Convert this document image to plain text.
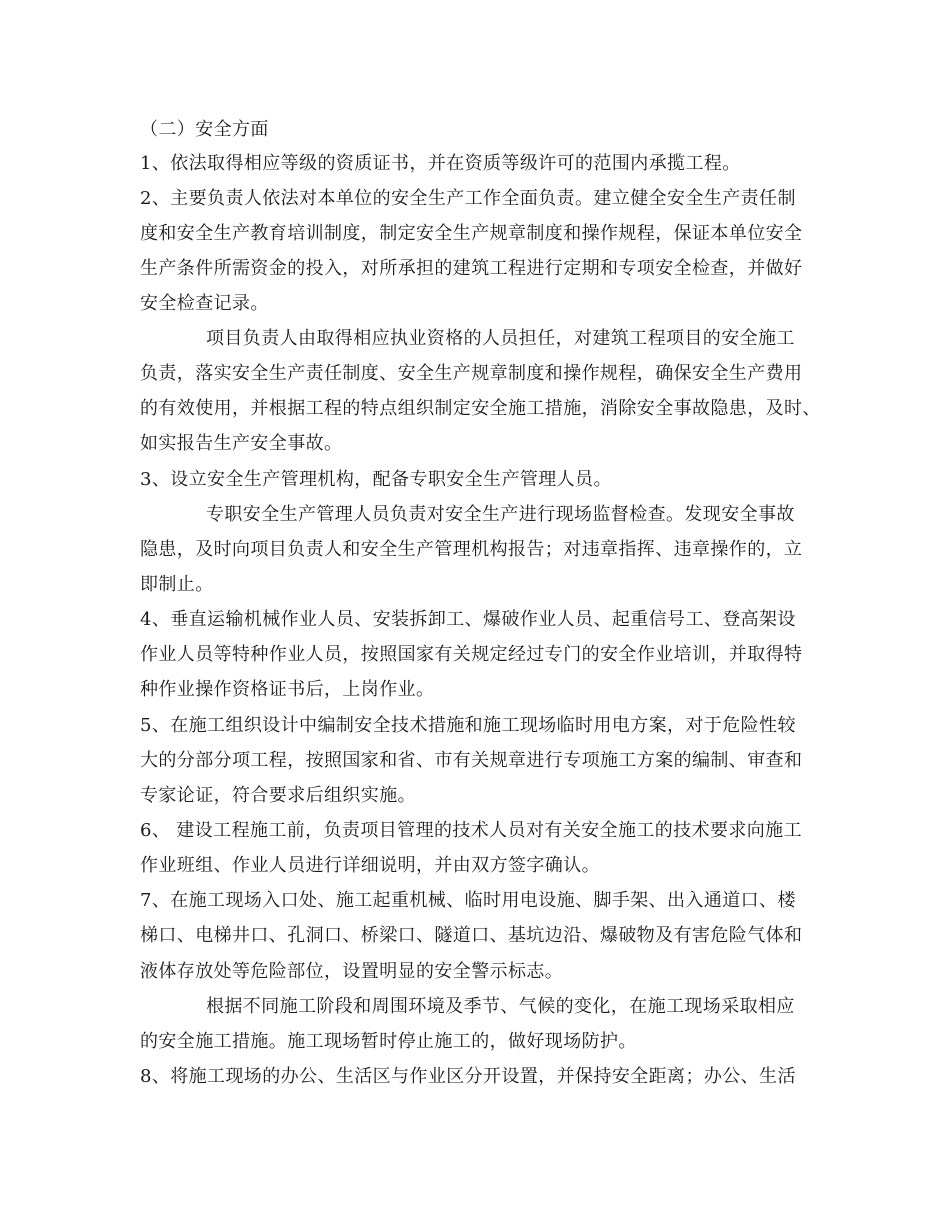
（二）安全方面
1、依法取得相应等级的资质证书，并在资质等级许可的范围内承揽工程。
2、主要负责人依法对本单位的安全生产工作全面负责。建立健全安全生产责任制
度和安全生产教育培训制度，制定安全生产规章制度和操作规程，保证本单位安全
生产条件所需资金的投入，对所承担的建筑工程进行定期和专项安全检查，并做好
安全检查记录。
项目负责人由取得相应执业资格的人员担任，对建筑工程项目的安全施工
负责，落实安全生产责任制度、安全生产规章制度和操作规程，确保安全生产费用
的有效使用，并根据工程的特点组织制定安全施工措施，消除安全事故隐患，及时、
如实报告生产安全事故。
3、设立安全生产管理机构，配备专职安全生产管理人员。
专职安全生产管理人员负责对安全生产进行现场监督检查。发现安全事故
隐患，及时向项目负责人和安全生产管理机构报告；对违章指挥、违章操作的，立
即制止。
4、垂直运输机械作业人员、安装拆卸工、爆破作业人员、起重信号工、登高架设
作业人员等特种作业人员，按照国家有关规定经过专门的安全作业培训，并取得特
种作业操作资格证书后，上岗作业。
5、在施工组织设计中编制安全技术措施和施工现场临时用电方案，对于危险性较
大的分部分项工程，按照国家和省、市有关规章进行专项施工方案的编制、审查和
专家论证，符合要求后组织实施。
6、 建设工程施工前，负责项目管理的技术人员对有关安全施工的技术要求向施工
作业班组、作业人员进行详细说明，并由双方签字确认。
7、在施工现场入口处、施工起重机械、临时用电设施、脚手架、出入通道口、楼
梯口、电梯井口、孔洞口、桥梁口、隧道口、基坑边沿、爆破物及有害危险气体和
液体存放处等危险部位，设置明显的安全警示标志。
根据不同施工阶段和周围环境及季节、气候的变化，在施工现场采取相应
的安全施工措施。施工现场暂时停止施工的，做好现场防护。
8、将施工现场的办公、生活区与作业区分开设置，并保持安全距离；办公、生活
